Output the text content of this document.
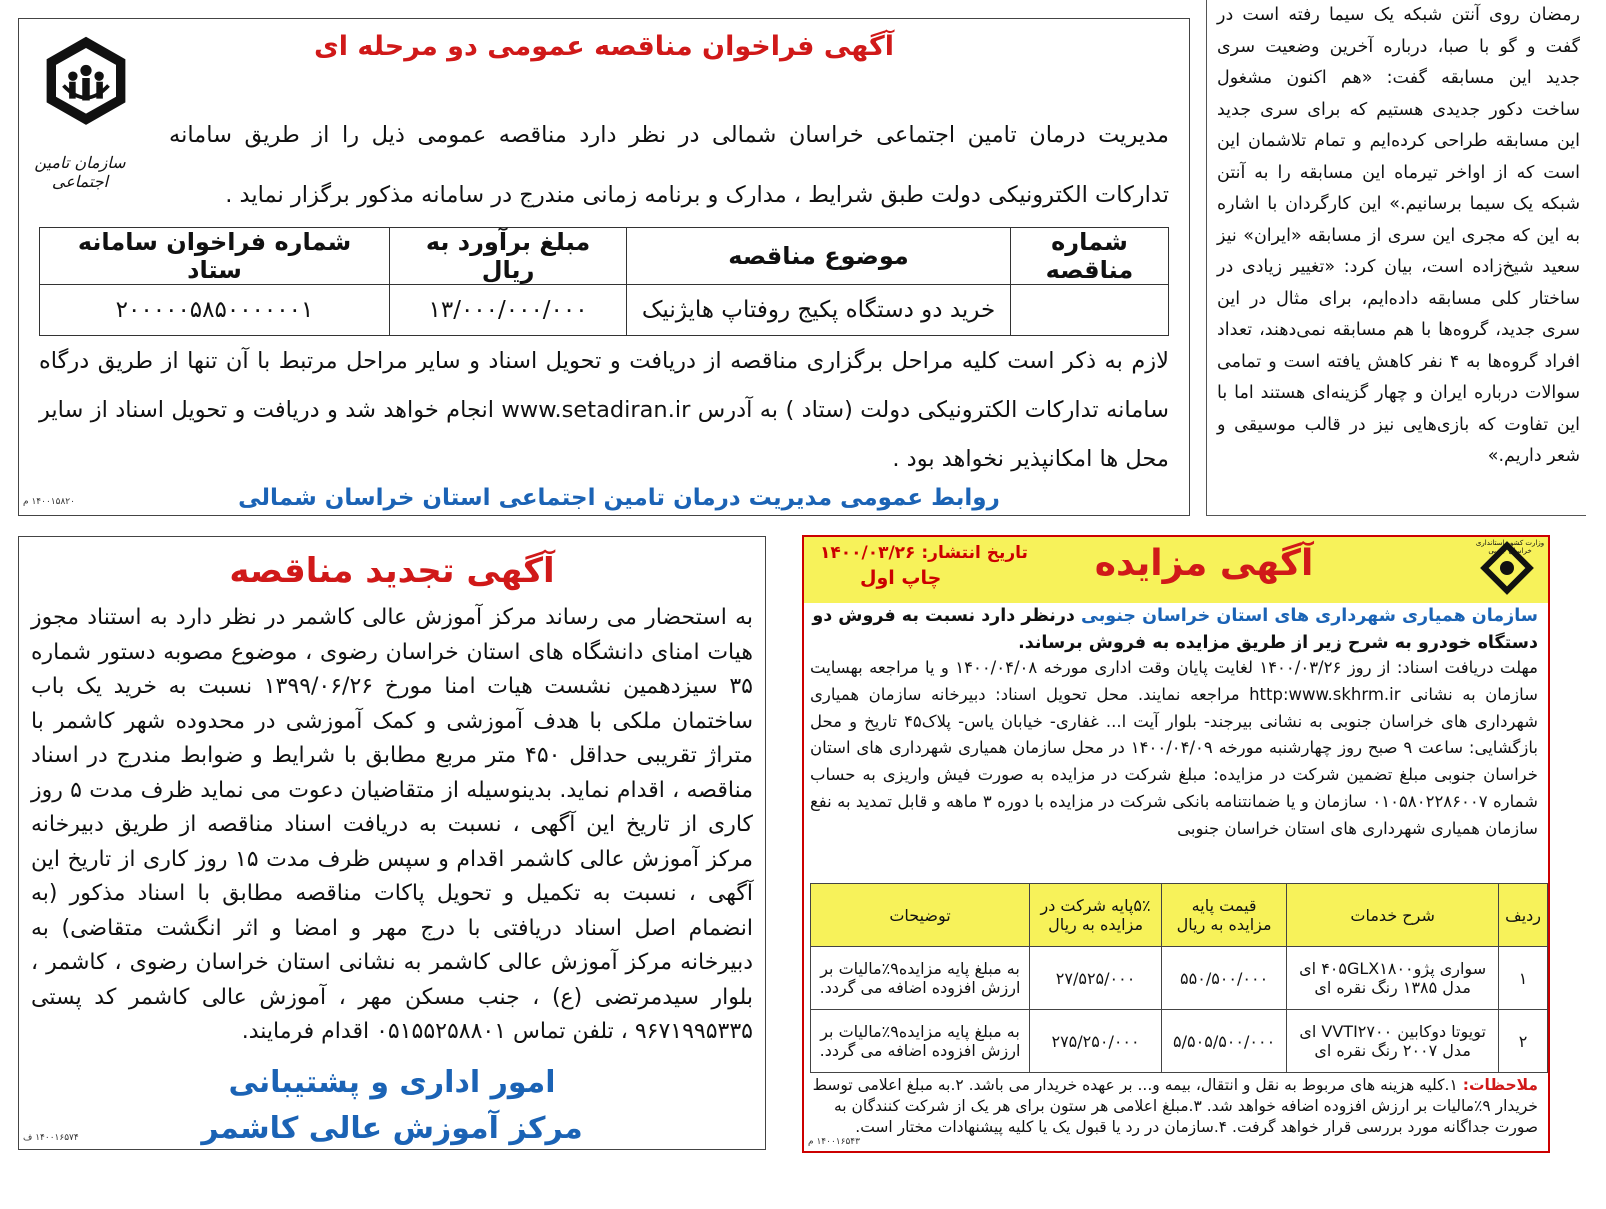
رمضان روی آنتن شبکه یک سیما رفته است در گفت و گو با صبا، درباره آخرین وضعیت سری جدید این مسابقه گفت: «هم اکنون مشغول ساخت دکور جدیدی هستیم که برای سری جدید این مسابقه طراحی کرده‌ایم و تمام تلاشمان این است که از اواخر تیرماه این مسابقه را به آنتن شبکه یک سیما برسانیم.» این کارگردان با اشاره به این که مجری این سری از مسابقه «ایران» نیز سعید شیخ‌زاده است، بیان کرد: «تغییر زیادی در ساختار کلی مسابقه داده‌ایم، برای مثال در این سری جدید، گروه‌ها با هم مسابقه نمی‌دهند، تعداد افراد گروه‌ها به ۴ نفر کاهش یافته است و تمامی سوالات درباره ایران و چهار گزینه‌ای هستند اما با این تفاوت که بازی‌هایی نیز در قالب موسیقی و شعر داریم.»

سازمان تامین اجتماعی
آگهی فراخوان مناقصه عمومی دو مرحله ای

مدیریت درمان تامین اجتماعی خراسان شمالی در نظر دارد مناقصه عمومی ذیل را از طریق سامانه تدارکات الکترونیکی دولت طبق شرایط ، مدارک و برنامه زمانی مندرج در سامانه مذکور برگزار نماید .

شماره مناقصه	موضوع مناقصه	مبلغ برآورد به ریال	شماره فراخوان سامانه ستاد
	خرید دو دستگاه پکیج روفتاپ هایژنیک	۱۳/۰۰۰/۰۰۰/۰۰۰	۲۰۰۰۰۰۵۸۵۰۰۰۰۰۰۱

لازم به ذکر است کلیه مراحل برگزاری مناقصه از دریافت و تحویل اسناد و سایر مراحل مرتبط با آن تنها از طریق درگاه سامانه تدارکات الکترونیکی دولت (ستاد ) به آدرس www.setadiran.ir انجام خواهد شد و دریافت و تحویل اسناد از سایر محل ها امکانپذیر نخواهد بود .

روابط عمومی مدیریت درمان تامین اجتماعی استان خراسان شمالی
۱۴۰۰۱۵۸۲۰ م
آگهی تجدید مناقصه

به استحضار می رساند مرکز آموزش عالی کاشمر در نظر دارد به استناد مجوز هیات امنای دانشگاه های استان خراسان رضوی ، موضوع مصوبه دستور شماره ۳۵ سیزدهمین نشست هیات امنا مورخ ۱۳۹۹/۰۶/۲۶ نسبت به خرید یک باب ساختمان ملکی با هدف آموزشی و کمک آموزشی در محدوده شهر کاشمر با متراژ تقریبی حداقل ۴۵۰ متر مربع مطابق با شرایط و ضوابط مندرج در اسناد مناقصه ، اقدام نماید. بدینوسیله از متقاضیان دعوت می نماید ظرف مدت ۵ روز کاری از تاریخ این آگهی ، نسبت به دریافت اسناد مناقصه از طریق دبیرخانه مرکز آموزش عالی کاشمر اقدام و سپس ظرف مدت ۱۵ روز کاری از تاریخ این آگهی ، نسبت به تکمیل و تحویل پاکات مناقصه مطابق با اسناد مذکور (به انضمام اصل اسناد دریافتی با درج مهر و امضا و اثر انگشت متقاضی) به دبیرخانه مرکز آموزش عالی کاشمر به نشانی استان خراسان رضوی ، کاشمر ، بلوار سیدمرتضی (ع) ، جنب مسکن مهر ، آموزش عالی کاشمر کد پستی ۹۶۷۱۹۹۵۳۳۵ ، تلفن تماس ۰۵۱۵۵۲۵۸۸۰۱ اقدام فرمایند.

امور اداری و پشتیبانی
مرکز آموزش عالی کاشمر
۱۴۰۰۱۶۵۷۴ ف
وزارت کشور استانداری خراسان جنوبی
آگهی مزایده
تاریخ انتشار: ۱۴۰۰/۰۳/۲۶
چاپ اول

سازمان همیاری شهرداری های استان خراسان جنوبی درنظر دارد نسبت به فروش دو دستگاه خودرو به شرح زیر از طریق مزایده به فروش برساند.

مهلت دریافت اسناد: از روز ۱۴۰۰/۰۳/۲۶ لغایت پایان وقت اداری مورخه ۱۴۰۰/۰۴/۰۸ و یا مراجعه بهسایت سازمان به نشانی http:www.skhrm.ir مراجعه نمایند. محل تحویل اسناد: دبیرخانه سازمان همیاری شهرداری های خراسان جنوبی به نشانی بیرجند- بلوار آیت ا... غفاری- خیابان یاس- پلاک۴۵ تاریخ و محل بازگشایی: ساعت ۹ صبح روز چهارشنبه مورخه ۱۴۰۰/۰۴/۰۹ در محل سازمان همیاری شهرداری های استان خراسان جنوبی مبلغ تضمین شرکت در مزایده: مبلغ شرکت در مزایده به صورت فیش واریزی به حساب شماره ۰۱۰۵۸۰۲۲۸۶۰۰۷ سازمان و یا ضمانتنامه بانکی شرکت در مزایده با دوره ۳ ماهه و قابل تمدید به نفع سازمان همیاری شهرداری های استان خراسان جنوبی

ردیف	شرح خدمات	قیمت پایه مزایده به ریال	۵٪پایه شرکت در مزایده به ریال	توضیحات
۱	سواری پژو۴۰۵GLX۱۸۰۰ ای مدل ۱۳۸۵ رنگ نقره ای	۵۵۰/۵۰۰/۰۰۰	۲۷/۵۲۵/۰۰۰	به مبلغ پایه مزایده۹٪مالیات بر ارزش افزوده اضافه می گردد.
۲	تویوتا دوکابین VVTI۲۷۰۰ ای مدل ۲۰۰۷ رنگ نقره ای	۵/۵۰۵/۵۰۰/۰۰۰	۲۷۵/۲۵۰/۰۰۰	به مبلغ پایه مزایده۹٪مالیات بر ارزش افزوده اضافه می گردد.

ملاحظات: ۱.کلیه هزینه های مربوط به نقل و انتقال، بیمه و... بر عهده خریدار می باشد. ۲.به مبلغ اعلامی توسط خریدار ۹٪مالیات بر ارزش افزوده اضافه خواهد شد. ۳.مبلغ اعلامی هر ستون برای هر یک از شرکت کنندگان به صورت جداگانه مورد بررسی قرار خواهد گرفت. ۴.سازمان در رد یا قبول یک یا کلیه پیشنهادات مختار است.

۱۴۰۰۱۶۵۴۳ م
